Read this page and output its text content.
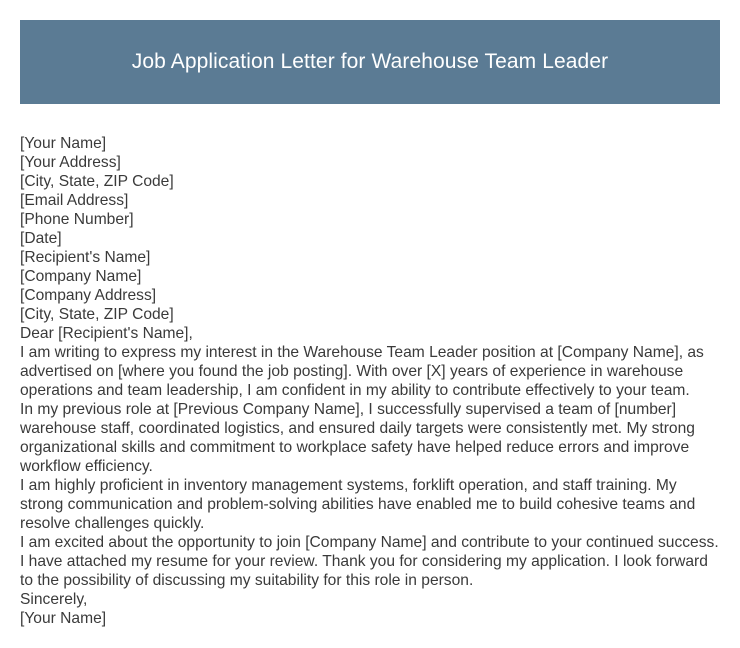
Job Application Letter for Warehouse Team Leader
[Your Name]
[Your Address]
[City, State, ZIP Code]
[Email Address]
[Phone Number]
[Date]
[Recipient's Name]
[Company Name]
[Company Address]
[City, State, ZIP Code]
Dear [Recipient's Name],
I am writing to express my interest in the Warehouse Team Leader position at [Company Name], as advertised on [where you found the job posting]. With over [X] years of experience in warehouse operations and team leadership, I am confident in my ability to contribute effectively to your team.
In my previous role at [Previous Company Name], I successfully supervised a team of [number] warehouse staff, coordinated logistics, and ensured daily targets were consistently met. My strong organizational skills and commitment to workplace safety have helped reduce errors and improve workflow efficiency.
I am highly proficient in inventory management systems, forklift operation, and staff training. My strong communication and problem-solving abilities have enabled me to build cohesive teams and resolve challenges quickly.
I am excited about the opportunity to join [Company Name] and contribute to your continued success. I have attached my resume for your review. Thank you for considering my application. I look forward to the possibility of discussing my suitability for this role in person.
Sincerely,
[Your Name]
